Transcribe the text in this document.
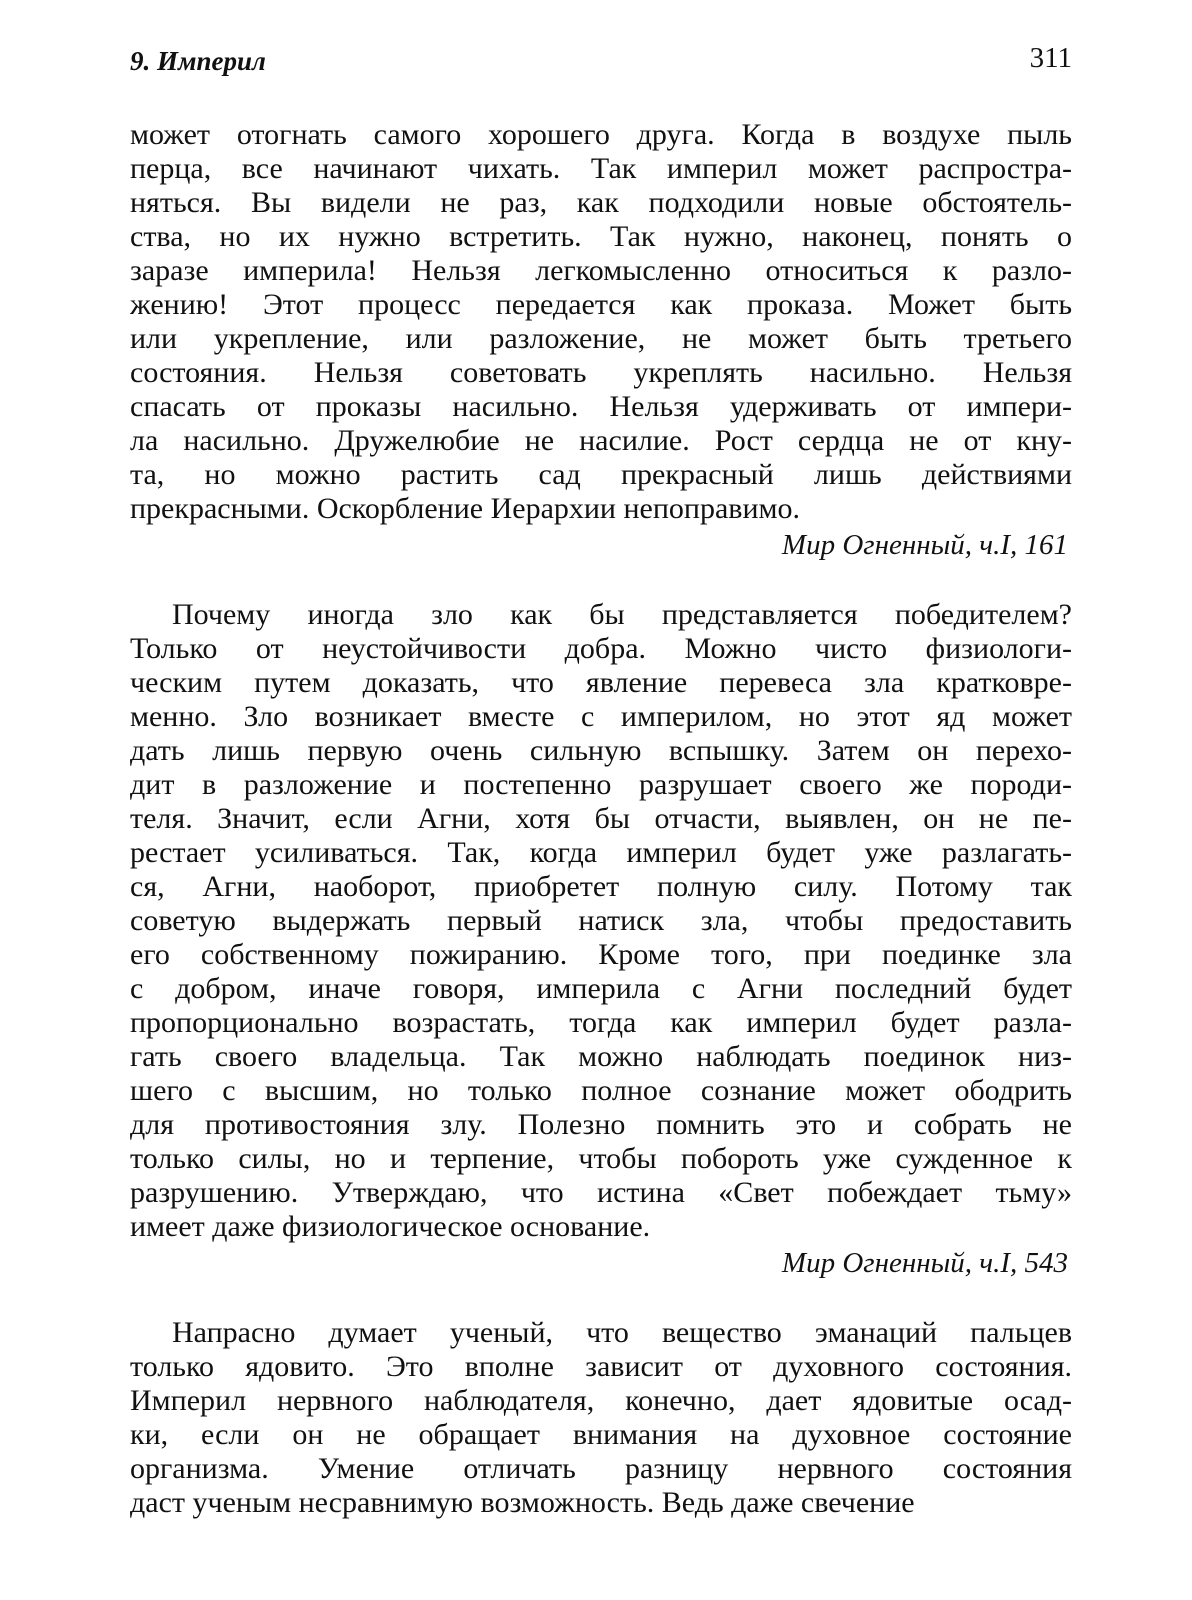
9. Империл	311
может отогнать самого хорошего друга. Когда в воздухе пыль
перца, все начинают чихать. Так империл может распростра-
няться. Вы видели не раз, как подходили новые обстоятель-
ства, но их нужно встретить. Так нужно, наконец, понять о
заразе империла! Нельзя легкомысленно относиться к разло-
жению! Этот процесс передается как проказа. Может быть
или укрепление, или разложение, не может быть третьего
состояния. Нельзя советовать укреплять насильно. Нельзя
спасать от проказы насильно. Нельзя удерживать от импери-
ла насильно. Дружелюбие не насилие. Рост сердца не от кну-
та, но можно растить сад прекрасный лишь действиями
прекрасными. Оскорбление Иерархии непоправимо.
Мир Огненный, ч.I, 161
Почему иногда зло как бы представляется победителем?
Только от неустойчивости добра. Можно чисто физиологи-
ческим путем доказать, что явление перевеса зла кратковре-
менно. Зло возникает вместе с империлом, но этот яд может
дать лишь первую очень сильную вспышку. Затем он перехо-
дит в разложение и постепенно разрушает своего же породи-
теля. Значит, если Агни, хотя бы отчасти, выявлен, он не пе-
рестает усиливаться. Так, когда империл будет уже разлагать-
ся, Агни, наоборот, приобретет полную силу. Потому так
советую выдержать первый натиск зла, чтобы предоставить
его собственному пожиранию. Кроме того, при поединке зла
с добром, иначе говоря, империла с Агни последний будет
пропорционально возрастать, тогда как империл будет разла-
гать своего владельца. Так можно наблюдать поединок низ-
шего с высшим, но только полное сознание может ободрить
для противостояния злу. Полезно помнить это и собрать не
только силы, но и терпение, чтобы побороть уже сужденное к
разрушению. Утверждаю, что истина «Свет побеждает тьму»
имеет даже физиологическое основание.
Мир Огненный, ч.I, 543
Напрасно думает ученый, что вещество эманаций пальцев
только ядовито. Это вполне зависит от духовного состояния.
Империл нервного наблюдателя, конечно, дает ядовитые осад-
ки, если он не обращает внимания на духовное состояние
организма. Умение отличать разницу нервного состояния
даст ученым несравнимую возможность. Ведь даже свечение
